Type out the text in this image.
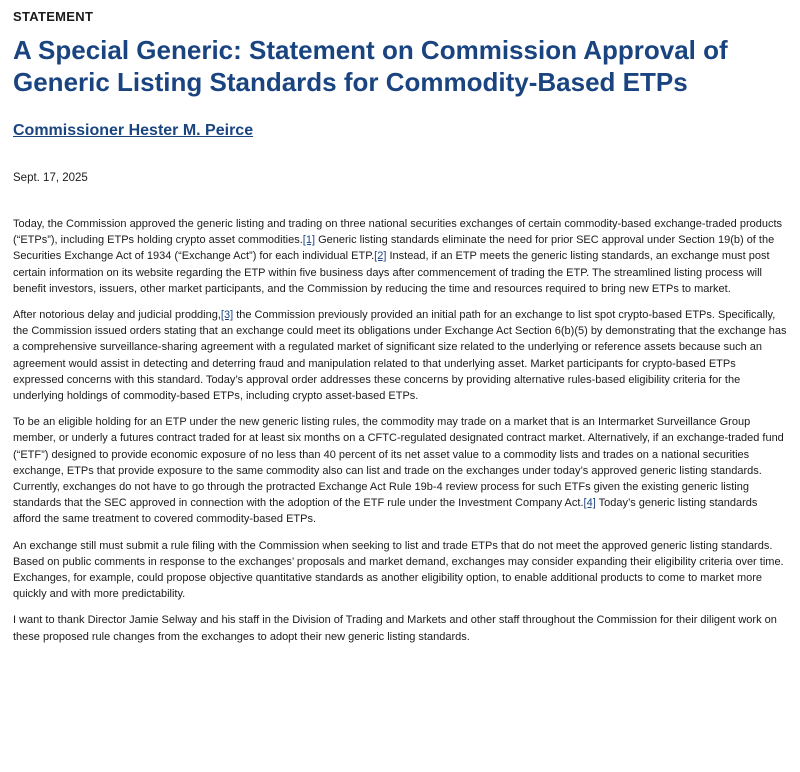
STATEMENT
A Special Generic: Statement on Commission Approval of Generic Listing Standards for Commodity-Based ETPs
Commissioner Hester M. Peirce
Sept. 17, 2025

Today, the Commission approved the generic listing and trading on three national securities exchanges of certain commodity-based exchange-traded products (“ETPs”), including ETPs holding crypto asset commodities.[1] Generic listing standards eliminate the need for prior SEC approval under Section 19(b) of the Securities Exchange Act of 1934 (“Exchange Act”) for each individual ETP.[2] Instead, if an ETP meets the generic listing standards, an exchange must post certain information on its website regarding the ETP within five business days after commencement of trading the ETP. The streamlined listing process will benefit investors, issuers, other market participants, and the Commission by reducing the time and resources required to bring new ETPs to market.

After notorious delay and judicial prodding,[3] the Commission previously provided an initial path for an exchange to list spot crypto-based ETPs. Specifically, the Commission issued orders stating that an exchange could meet its obligations under Exchange Act Section 6(b)(5) by demonstrating that the exchange has a comprehensive surveillance-sharing agreement with a regulated market of significant size related to the underlying or reference assets because such an agreement would assist in detecting and deterring fraud and manipulation related to that underlying asset. Market participants for crypto-based ETPs expressed concerns with this standard. Today’s approval order addresses these concerns by providing alternative rules-based eligibility criteria for the underlying holdings of commodity-based ETPs, including crypto asset-based ETPs.

To be an eligible holding for an ETP under the new generic listing rules, the commodity may trade on a market that is an Intermarket Surveillance Group member, or underly a futures contract traded for at least six months on a CFTC-regulated designated contract market. Alternatively, if an exchange-traded fund (“ETF”) designed to provide economic exposure of no less than 40 percent of its net asset value to a commodity lists and trades on a national securities exchange, ETPs that provide exposure to the same commodity also can list and trade on the exchanges under today’s approved generic listing standards. Currently, exchanges do not have to go through the protracted Exchange Act Rule 19b-4 review process for such ETFs given the existing generic listing standards that the SEC approved in connection with the adoption of the ETF rule under the Investment Company Act.[4] Today’s generic listing standards afford the same treatment to covered commodity-based ETPs.

An exchange still must submit a rule filing with the Commission when seeking to list and trade ETPs that do not meet the approved generic listing standards. Based on public comments in response to the exchanges’ proposals and market demand, exchanges may consider expanding their eligibility criteria over time. Exchanges, for example, could propose objective quantitative standards as another eligibility option, to enable additional products to come to market more quickly and with more predictability.

I want to thank Director Jamie Selway and his staff in the Division of Trading and Markets and other staff throughout the Commission for their diligent work on these proposed rule changes from the exchanges to adopt their new generic listing standards.
